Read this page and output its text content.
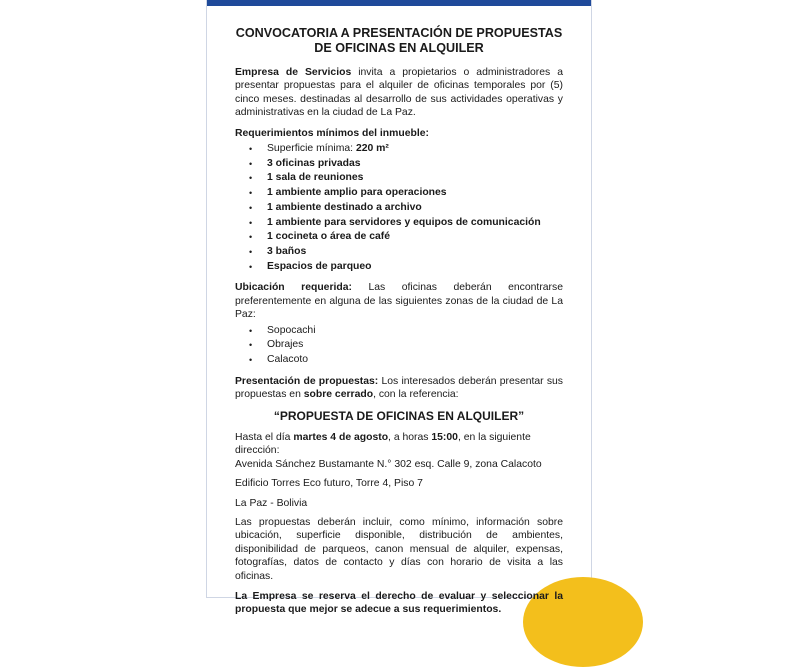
CONVOCATORIA A PRESENTACIÓN DE PROPUESTAS
DE OFICINAS EN ALQUILER

Empresa de Servicios invita a propietarios o administradores a presentar propuestas para el alquiler de oficinas temporales por (5) cinco meses. destinadas al desarrollo de sus actividades operativas y administrativas en la ciudad de La Paz.

Requerimientos mínimos del inmueble:

• Superficie mínima: 220 m²
• 3 oficinas privadas
• 1 sala de reuniones
• 1 ambiente amplio para operaciones
• 1 ambiente destinado a archivo
• 1 ambiente para servidores y equipos de comunicación
• 1 cocineta o área de café
• 3 baños
• Espacios de parqueo

Ubicación requerida: Las oficinas deberán encontrarse preferentemente en alguna de las siguientes zonas de la ciudad de La Paz:

• Sopocachi
• Obrajes
• Calacoto

Presentación de propuestas: Los interesados deberán presentar sus propuestas en sobre cerrado, con la referencia:

“PROPUESTA DE OFICINAS EN ALQUILER”

Hasta el día martes 4 de agosto, a horas 15:00, en la siguiente dirección:
Avenida Sánchez Bustamante N.° 302 esq. Calle 9, zona Calacoto

Edificio Torres Eco futuro, Torre 4, Piso 7

La Paz - Bolivia

Las propuestas deberán incluir, como mínimo, información sobre ubicación, superficie disponible, distribución de ambientes, disponibilidad de parqueos, canon mensual de alquiler, expensas, fotografías, datos de contacto y días con horario de visita a las oficinas.

La Empresa se reserva el derecho de evaluar y seleccionar la propuesta que mejor se adecue a sus requerimientos.
